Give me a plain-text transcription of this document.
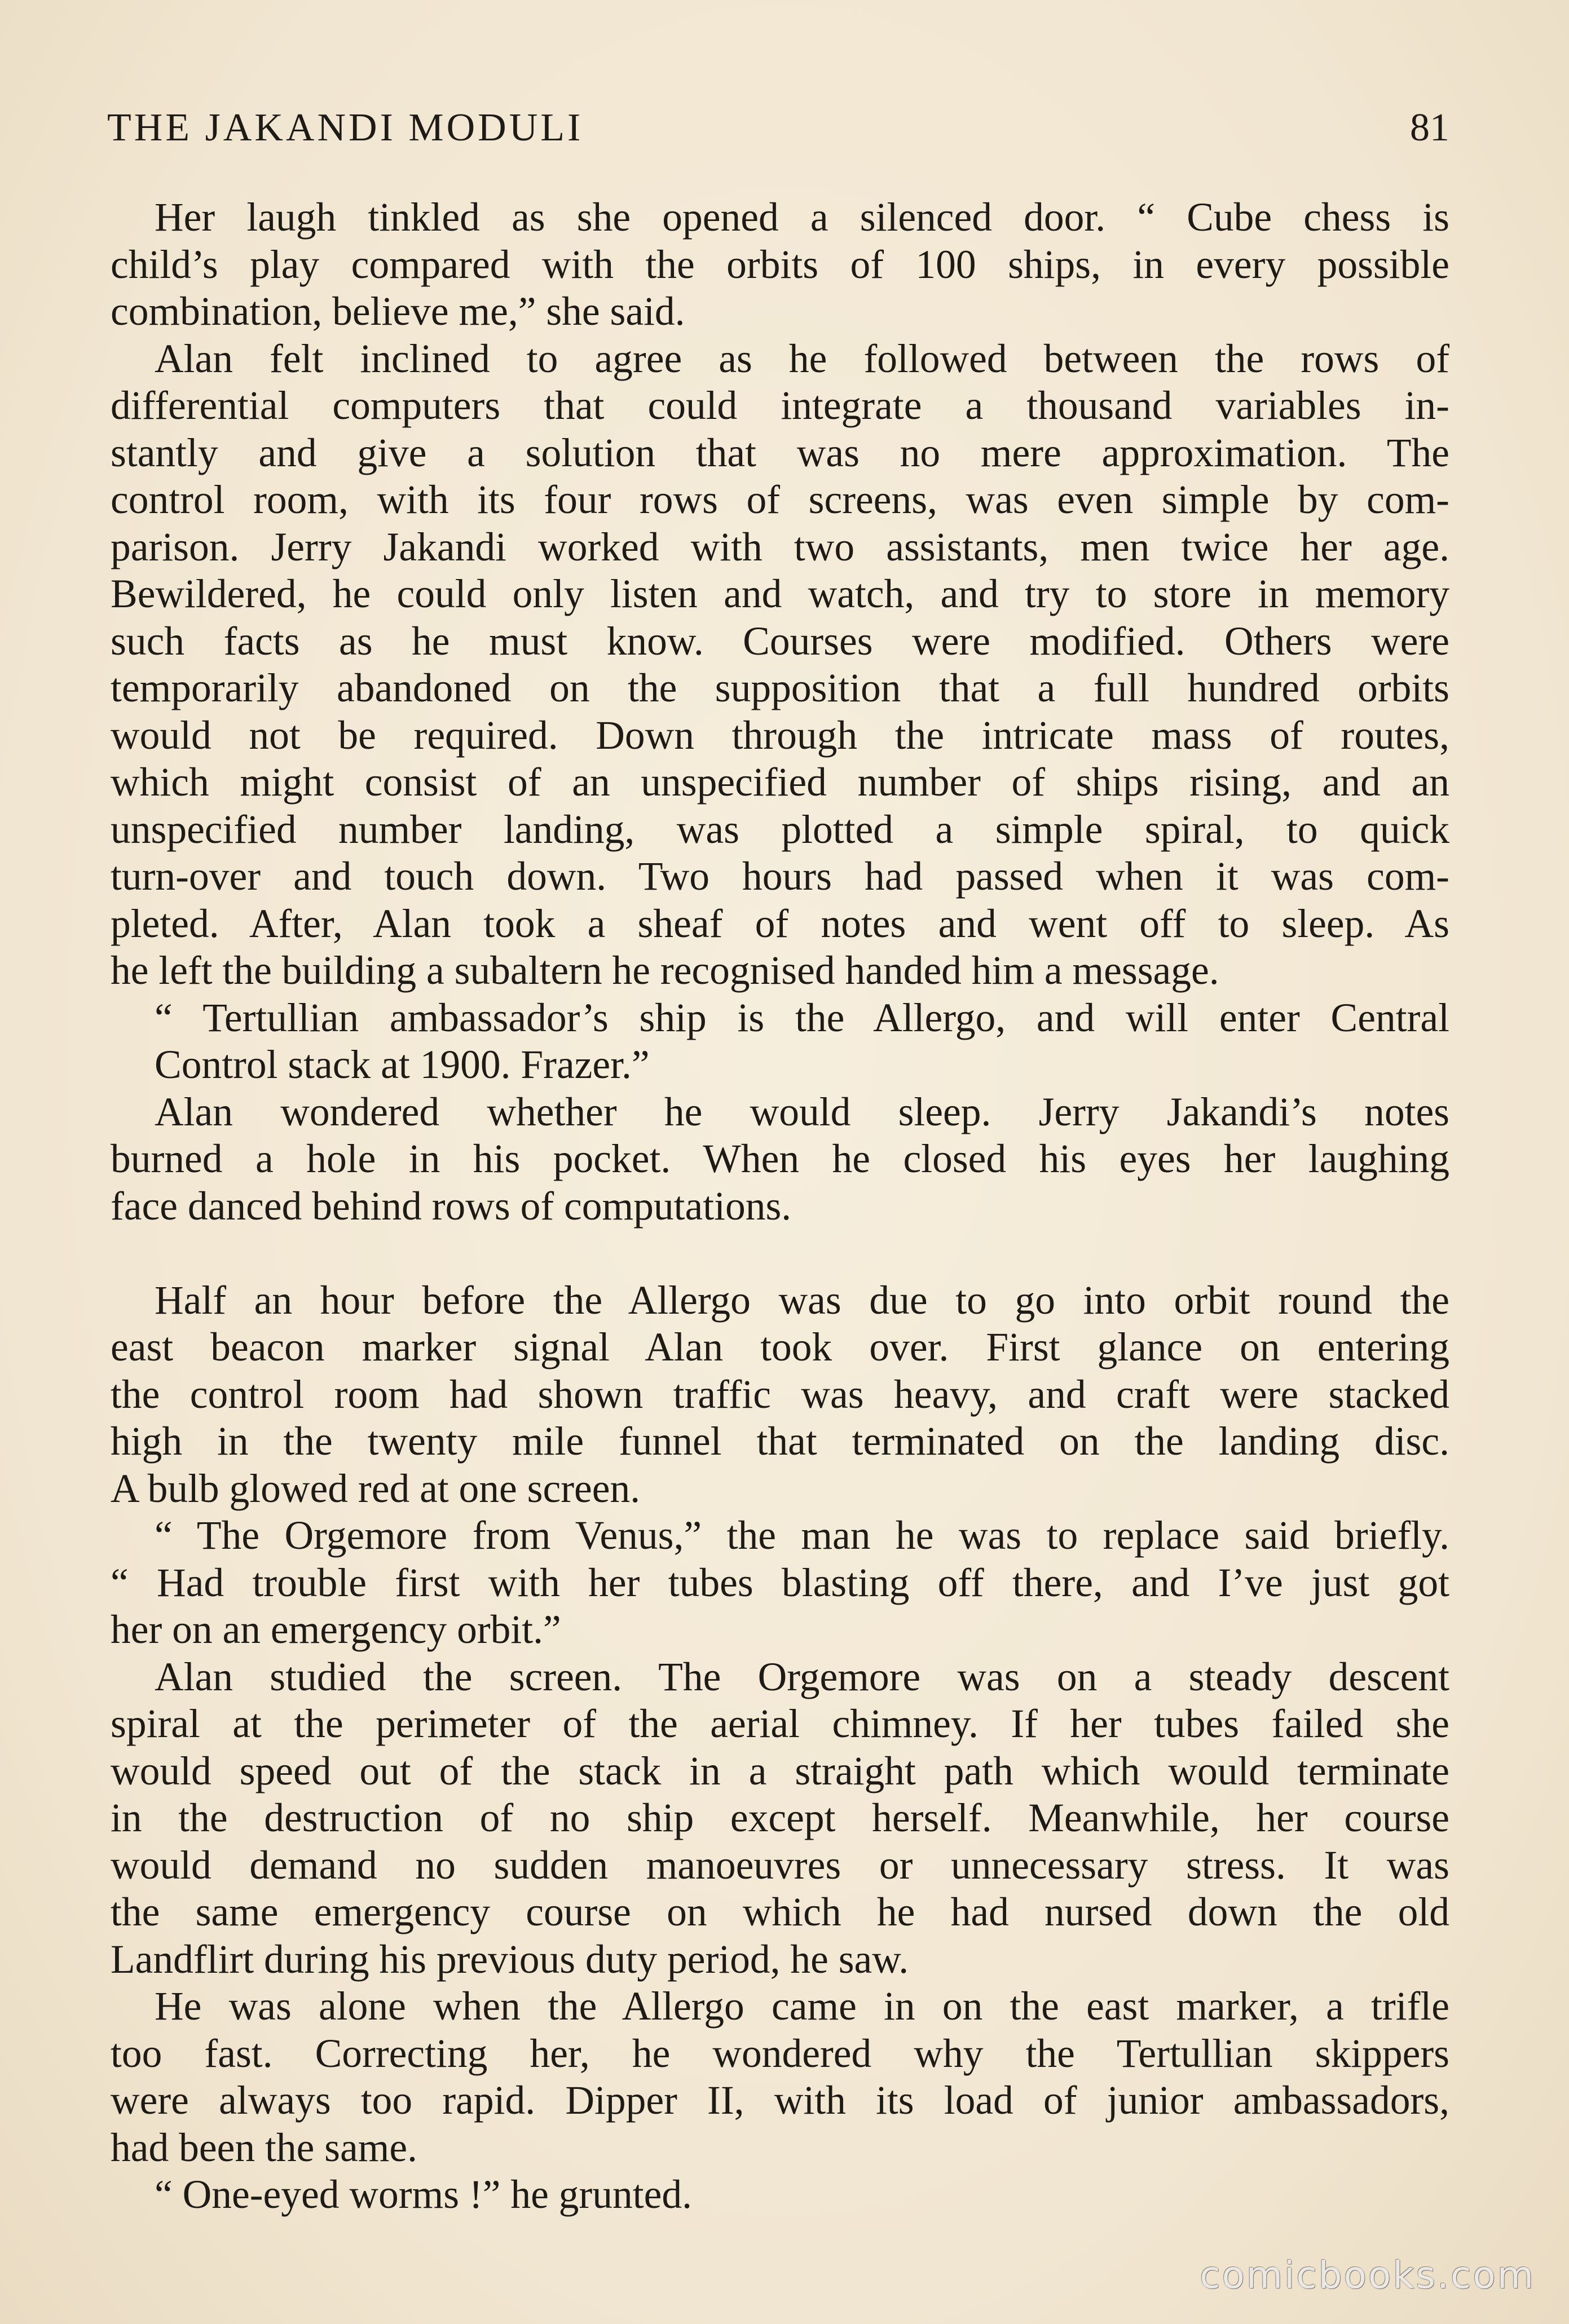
THE JAKANDI MODULI	81
Her laugh tinkled as she opened a silenced door. “ Cube chess is
child’s play compared with the orbits of 100 ships, in every possible
combination, believe me,” she said.
Alan felt inclined to agree as he followed between the rows of
differential computers that could integrate a thousand variables in-
stantly and give a solution that was no mere approximation. The
control room, with its four rows of screens, was even simple by com-
parison. Jerry Jakandi worked with two assistants, men twice her age.
Bewildered, he could only listen and watch, and try to store in memory
such facts as he must know. Courses were modified. Others were
temporarily abandoned on the supposition that a full hundred orbits
would not be required. Down through the intricate mass of routes,
which might consist of an unspecified number of ships rising, and an
unspecified number landing, was plotted a simple spiral, to quick
turn-over and touch down. Two hours had passed when it was com-
pleted. After, Alan took a sheaf of notes and went off to sleep. As
he left the building a subaltern he recognised handed him a message.
“ Tertullian ambassador’s ship is the Allergo, and will enter Central
Control stack at 1900. Frazer.”
Alan wondered whether he would sleep. Jerry Jakandi’s notes
burned a hole in his pocket. When he closed his eyes her laughing
face danced behind rows of computations.
Half an hour before the Allergo was due to go into orbit round the
east beacon marker signal Alan took over. First glance on entering
the control room had shown traffic was heavy, and craft were stacked
high in the twenty mile funnel that terminated on the landing disc.
A bulb glowed red at one screen.
“ The Orgemore from Venus,” the man he was to replace said briefly.
“ Had trouble first with her tubes blasting off there, and I’ve just got
her on an emergency orbit.”
Alan studied the screen. The Orgemore was on a steady descent
spiral at the perimeter of the aerial chimney. If her tubes failed she
would speed out of the stack in a straight path which would terminate
in the destruction of no ship except herself. Meanwhile, her course
would demand no sudden manoeuvres or unnecessary stress. It was
the same emergency course on which he had nursed down the old
Landflirt during his previous duty period, he saw.
He was alone when the Allergo came in on the east marker, a trifle
too fast. Correcting her, he wondered why the Tertullian skippers
were always too rapid. Dipper II, with its load of junior ambassadors,
had been the same.
“ One-eyed worms !” he grunted.
comicbooks.com
